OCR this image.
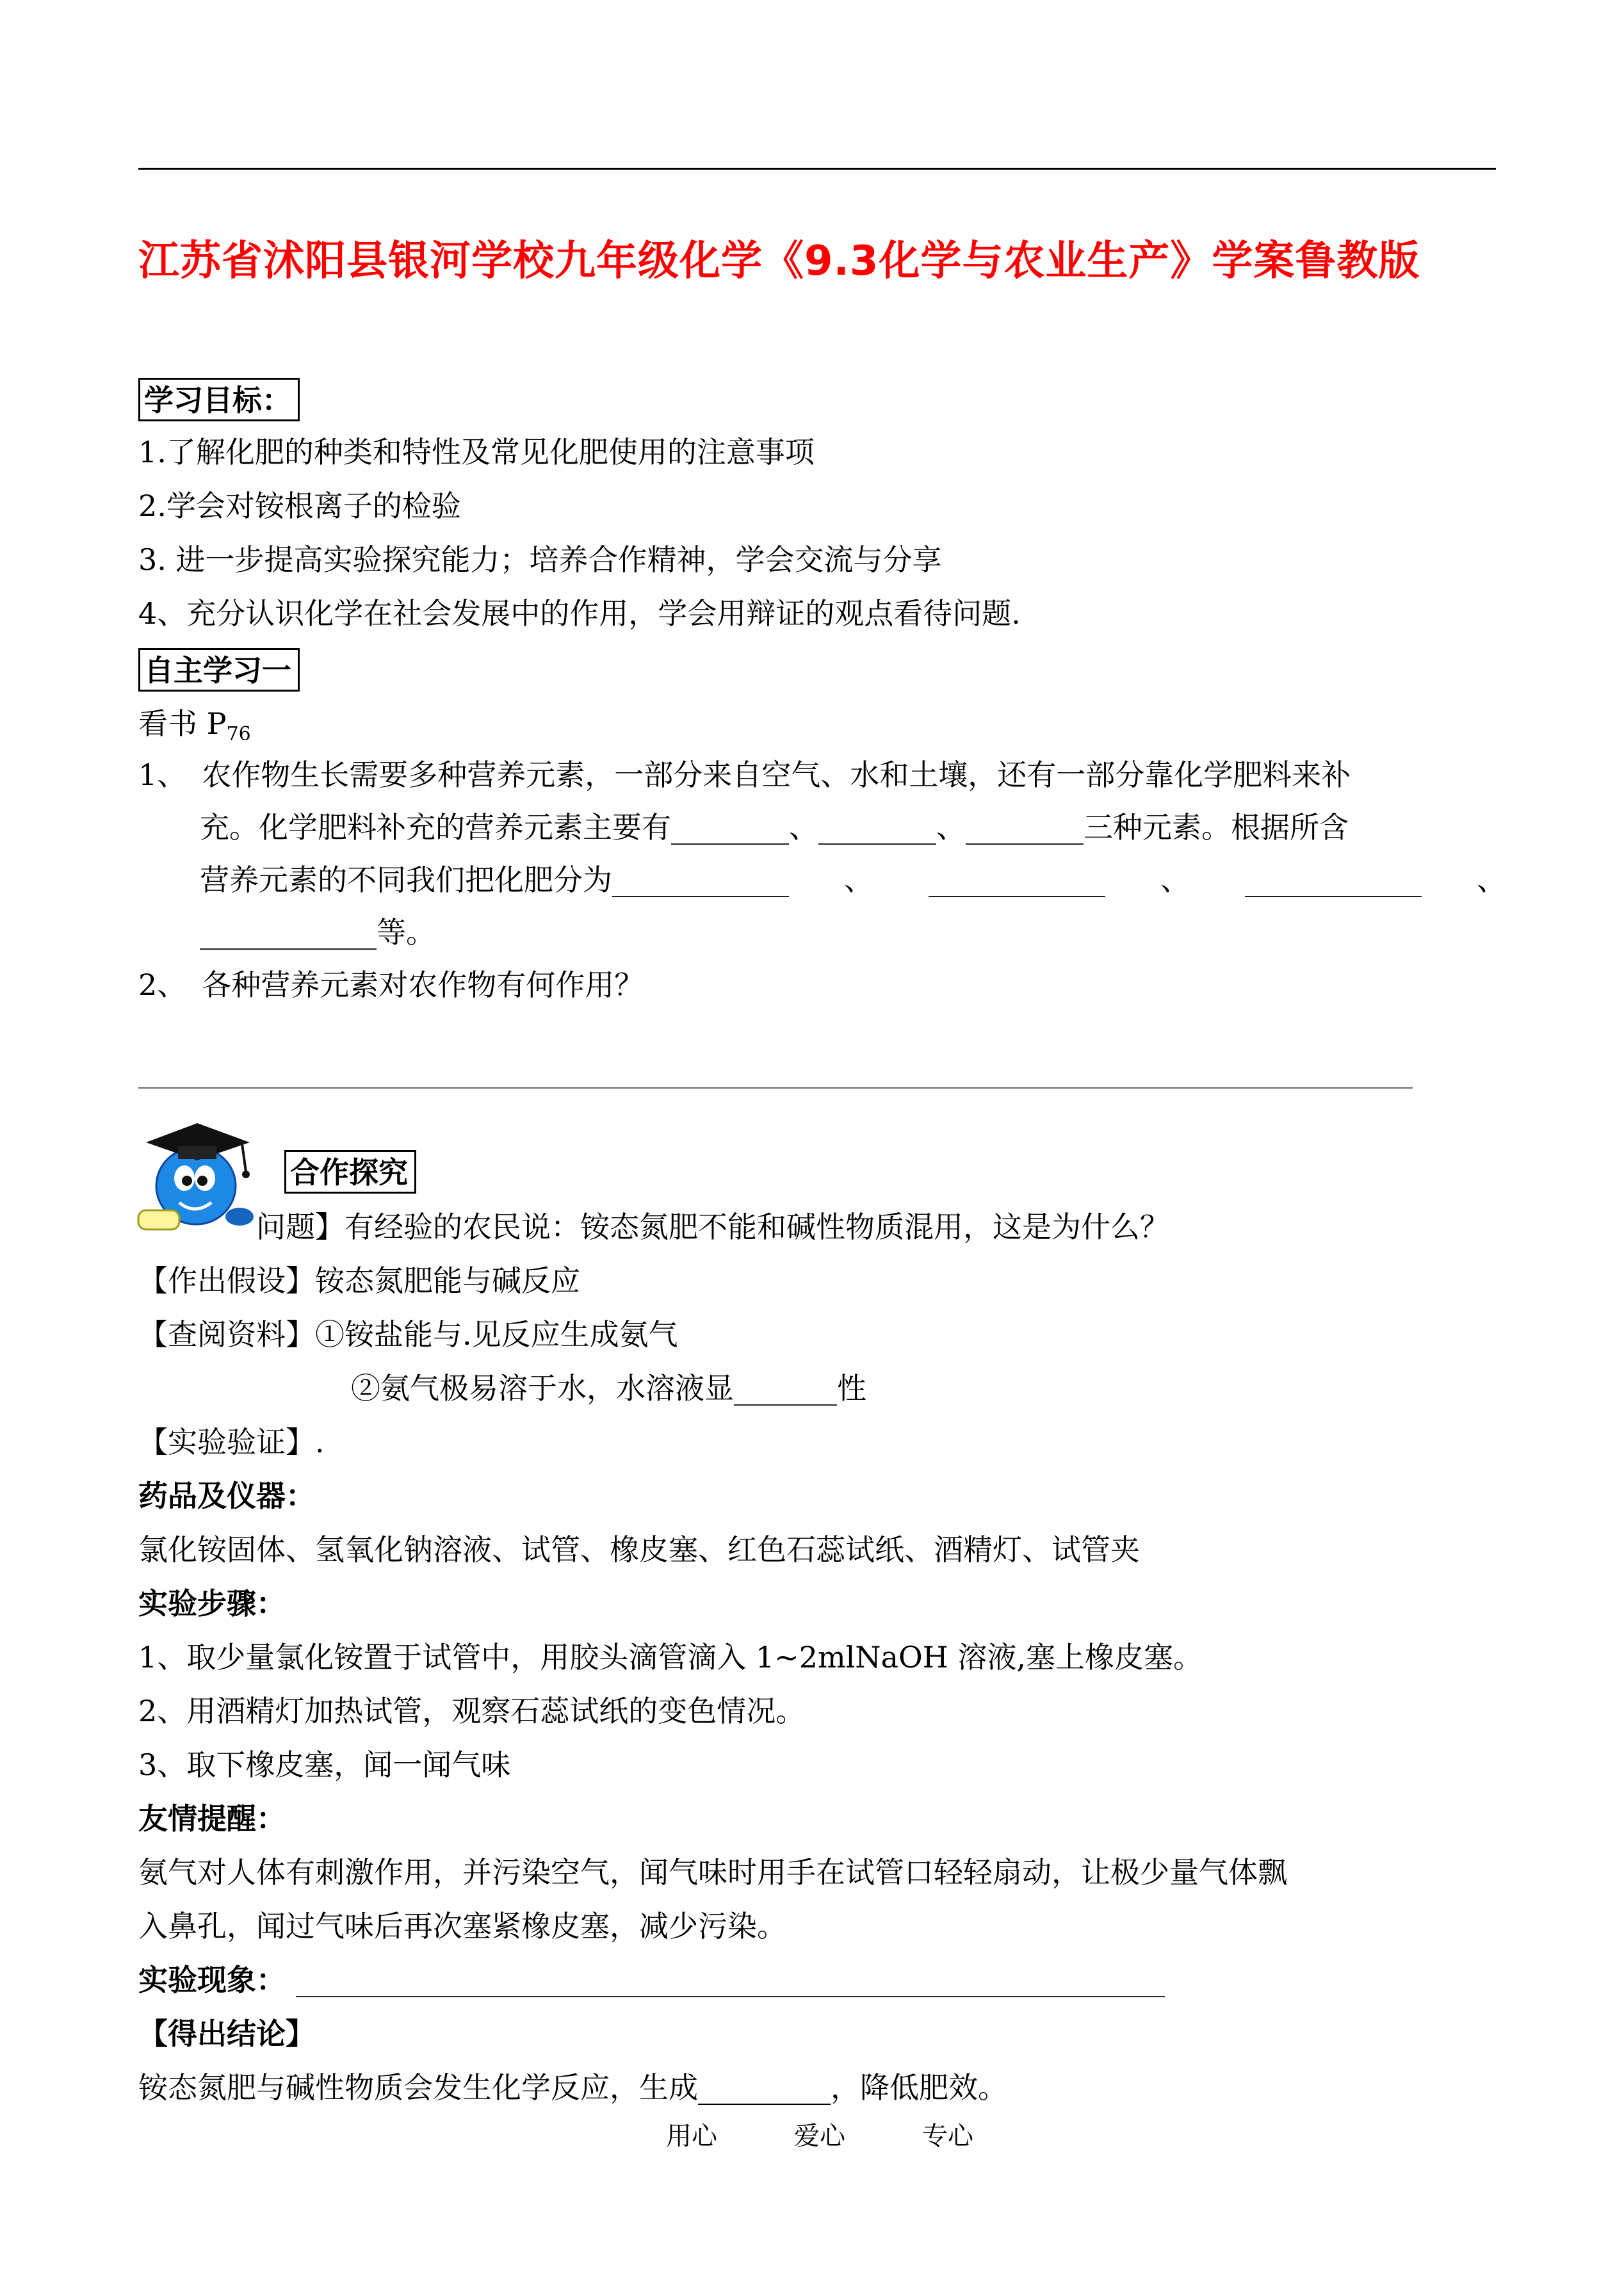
江苏省沭阳县银河学校九年级化学《9.3化学与农业生产》学案鲁教版
学习目标：
1.了解化肥的种类和特性及常见化肥使用的注意事项
2.学会对铵根离子的检验
3. 进一步提高实验探究能力；培养合作精神，学会交流与分享
4、充分认识化学在社会发展中的作用，学会用辩证的观点看待问题.
自主学习一
看书 $P_{76}$
1、 农作物生长需要多种营养元素，一部分来自空气、水和土壤，还有一部分靠化学肥料来补
充。化学肥料补充的营养元素主要有________、________、________三种元素。根据所含
营养元素的不同我们把化肥分为____________ 、 ____________ 、 ____________ 、
____________等。
2、 各种营养元素对农作物有何作用？
合作探究
问题】有经验的农民说：铵态氮肥不能和碱性物质混用，这是为什么？
【作出假设】铵态氮肥能与碱反应
【查阅资料】①铵盐能与.见反应生成氨气
②氨气极易溶于水，水溶液显_______性
【实验验证】.
药品及仪器：
氯化铵固体、氢氧化钠溶液、试管、橡皮塞、红色石蕊试纸、酒精灯、试管夹
实验步骤：
1、取少量氯化铵置于试管中，用胶头滴管滴入 1~2mlNaOH 溶液,塞上橡皮塞。
2、用酒精灯加热试管，观察石蕊试纸的变色情况。
3、取下橡皮塞，闻一闻气味
友情提醒：
氨气对人体有刺激作用，并污染空气，闻气味时用手在试管口轻轻扇动，让极少量气体飘
入鼻孔，闻过气味后再次塞紧橡皮塞，减少污染。
实验现象： ___________________________________________________________
【得出结论】
铵态氮肥与碱性物质会发生化学反应，生成_________，降低肥效。
用心	爱心	专心
